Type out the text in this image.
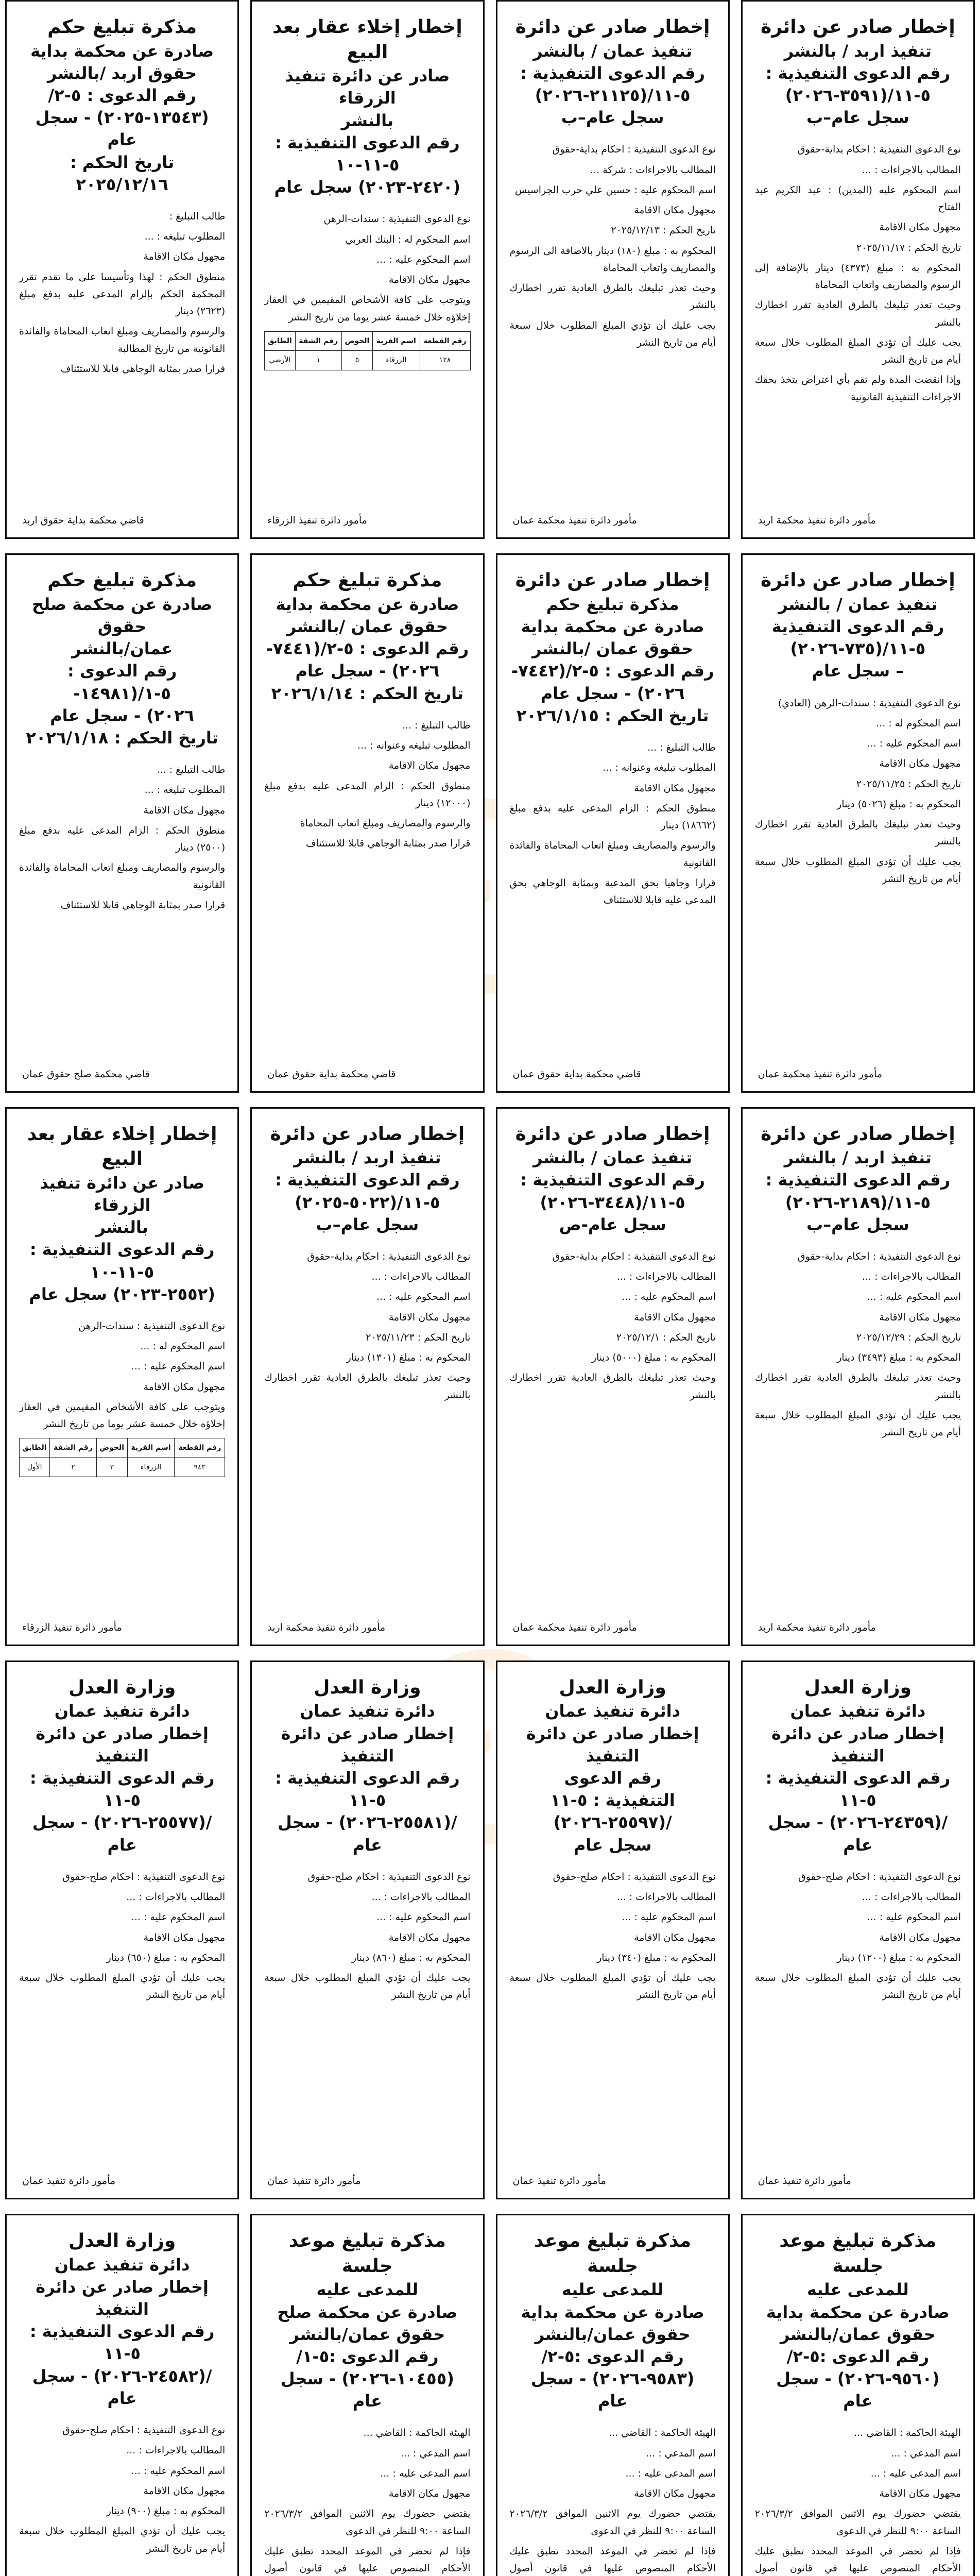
مدار الساعة
مدار الساعة
إخطار صادر عن دائرة
تنفيذ اربد / بالنشر
رقم الدعوى التنفيذية :
٥-١١/(٣٥٩١-٢٠٢٦)
سجل عام–ب

نوع الدعوى التنفيذية : احكام بداية-حقوق

المطالب بالاجراءات : ...

اسم المحكوم عليه (المدين) : عبد الكريم عبد الفتاح

مجهول مكان الاقامة

تاريخ الحكم : ٢٠٢٥/١١/١٧

المحكوم به : مبلغ (٤٣٧٣) دينار بالإضافة إلى الرسوم والمصاريف واتعاب المحاماة

وحيث تعذر تبليغك بالطرق العادية تقرر اخطارك بالنشر

يجب عليك أن تؤدي المبلغ المطلوب خلال سبعة أيام من تاريخ النشر

وإذا انقضت المدة ولم تقم بأي اعتراض يتخذ بحقك الاجراءات التنفيذية القانونية

مأمور دائرة تنفيذ محكمة اربد
إخطار صادر عن دائرة
تنفيذ عمان / بالنشر
رقم الدعوى التنفيذية :
٥-١١/(٢١١٢٥-٢٠٢٦)
سجل عام–ب

نوع الدعوى التنفيذية : احكام بداية-حقوق

المطالب بالاجراءات : شركة ...

اسم المحكوم عليه : حسين علي حرب الجراسيس

مجهول مكان الاقامة

تاريخ الحكم : ٢٠٢٥/١٢/١٣

المحكوم به : مبلغ (١٨٠) دينار بالاضافة الى الرسوم والمصاريف واتعاب المحاماة

وحيث تعذر تبليغك بالطرق العادية تقرر اخطارك بالنشر

يجب عليك أن تؤدي المبلغ المطلوب خلال سبعة أيام من تاريخ النشر

مأمور دائرة تنفيذ محكمة عمان
إخطار إخلاء عقار بعد البيع
صادر عن دائرة تنفيذ الزرقاء
بالنشر
رقم الدعوى التنفيذية : ٥-١١-١٠
(٢٤٢٠-٢٠٢٣) سجل عام

نوع الدعوى التنفيذية : سندات-الرهن

اسم المحكوم له : البنك العربي

اسم المحكوم عليه : ...

مجهول مكان الاقامة

ويتوجب على كافة الأشخاص المقيمين في العقار إخلاؤه خلال خمسة عشر يوما من تاريخ النشر

رقم القطعة	اسم القرية	الحوض	رقم الشقة	الطابق
١٢٨	الزرقاء	٥	١	الأرضي
مأمور دائرة تنفيذ الزرقاء
مذكرة تبليغ حكم
صادرة عن محكمة بداية
حقوق اربد /بالنشر
رقم الدعوى : ٥-٢/
(١٣٥٤٣-٢٠٢٥) - سجل
عام
تاريخ الحكم :
٢٠٢٥/١٢/١٦

طالب التبليغ :

المطلوب تبليغه : ...

مجهول مكان الاقامة

منطوق الحكم : لهذا وتأسيسا على ما تقدم تقرر المحكمة الحكم بإلزام المدعى عليه بدفع مبلغ (٢٦٢٣) دينار

والرسوم والمصاريف ومبلغ اتعاب المحاماة والفائدة القانونية من تاريخ المطالبة

قرارا صدر بمثابة الوجاهي قابلا للاستئناف

قاضي محكمة بداية حقوق اربد
إخطار صادر عن دائرة
تنفيذ عمان / بالنشر
رقم الدعوى التنفيذية
٥-١١/(٧٣٥-٢٠٢٦)
– سجل عام

نوع الدعوى التنفيذية : سندات-الرهن (العادي)

اسم المحكوم له : ...

اسم المحكوم عليه : ...

مجهول مكان الاقامة

تاريخ الحكم : ٢٠٢٥/١١/٢٥

المحكوم به : مبلغ (٥٠٢٦) دينار

وحيث تعذر تبليغك بالطرق العادية تقرر اخطارك بالنشر

يجب عليك أن تؤدي المبلغ المطلوب خلال سبعة أيام من تاريخ النشر

مأمور دائرة تنفيذ محكمة عمان
إخطار صادر عن دائرة
مذكرة تبليغ حكم
صادرة عن محكمة بداية
حقوق عمان /بالنشر
رقم الدعوى : ٥-٢/(٧٤٤٢-
٢٠٢٦) - سجل عام
تاريخ الحكم : ٢٠٢٦/١/١٥

طالب التبليغ : ...

المطلوب تبليغه وعنوانه : ...

مجهول مكان الاقامة

منطوق الحكم : الزام المدعى عليه بدفع مبلغ (١٨٦٦٢) دينار

والرسوم والمصاريف ومبلغ اتعاب المحاماة والفائدة القانونية

قرارا وجاهيا بحق المدعية وبمثابة الوجاهي بحق المدعى عليه قابلا للاستئناف

قاضي محكمة بداية حقوق عمان
مذكرة تبليغ حكم
صادرة عن محكمة بداية
حقوق عمان /بالنشر
رقم الدعوى : ٥-٢/(٧٤٤١-
٢٠٢٦) - سجل عام
تاريخ الحكم : ٢٠٢٦/١/١٤

طالب التبليغ : ...

المطلوب تبليغه وعنوانه : ...

مجهول مكان الاقامة

منطوق الحكم : الزام المدعى عليه بدفع مبلغ (١٢٠٠٠) دينار

والرسوم والمصاريف ومبلغ اتعاب المحاماة

قرارا صدر بمثابة الوجاهي قابلا للاستئناف

قاضي محكمة بداية حقوق عمان
مذكرة تبليغ حكم
صادرة عن محكمة صلح حقوق
عمان/بالنشر
رقم الدعوى : ٥-١/(١٤٩٨١-
٢٠٢٦) - سجل عام
تاريخ الحكم : ٢٠٢٦/١/١٨

طالب التبليغ : ...

المطلوب تبليغه : ...

مجهول مكان الاقامة

منطوق الحكم : الزام المدعى عليه بدفع مبلغ (٢٥٠٠) دينار

والرسوم والمصاريف ومبلغ اتعاب المحاماة والفائدة القانونية

قرارا صدر بمثابة الوجاهي قابلا للاستئناف

قاضي محكمة صلح حقوق عمان
إخطار صادر عن دائرة
تنفيذ اربد / بالنشر
رقم الدعوى التنفيذية :
٥-١١/(٢١٨٩-٢٠٢٦)
سجل عام–ب

نوع الدعوى التنفيذية : احكام بداية-حقوق

المطالب بالاجراءات : ...

اسم المحكوم عليه : ...

مجهول مكان الاقامة

تاريخ الحكم : ٢٠٢٥/١٢/٢٩

المحكوم به : مبلغ (٣٤٩٣) دينار

وحيث تعذر تبليغك بالطرق العادية تقرر اخطارك بالنشر

يجب عليك أن تؤدي المبلغ المطلوب خلال سبعة أيام من تاريخ النشر

مأمور دائرة تنفيذ محكمة اربد
إخطار صادر عن دائرة
تنفيذ عمان / بالنشر
رقم الدعوى التنفيذية :
٥-١١/(٣٤٤٨-٢٠٢٦)
سجل عام-ص

نوع الدعوى التنفيذية : احكام بداية-حقوق

المطالب بالاجراءات : ...

اسم المحكوم عليه : ...

مجهول مكان الاقامة

تاريخ الحكم : ٢٠٢٥/١٢/١

المحكوم به : مبلغ (٥٠٠٠) دينار

وحيث تعذر تبليغك بالطرق العادية تقرر اخطارك بالنشر

مأمور دائرة تنفيذ محكمة عمان
إخطار صادر عن دائرة
تنفيذ اربد / بالنشر
رقم الدعوى التنفيذية :
٥-١١/(٥٠٢٢-٢٠٢٥)
سجل عام–ب

نوع الدعوى التنفيذية : احكام بداية-حقوق

المطالب بالاجراءات : ...

اسم المحكوم عليه : ...

مجهول مكان الاقامة

تاريخ الحكم : ٢٠٢٥/١١/٢٣

المحكوم به : مبلغ (١٣٠١) دينار

وحيث تعذر تبليغك بالطرق العادية تقرر اخطارك بالنشر

مأمور دائرة تنفيذ محكمة اربد
إخطار إخلاء عقار بعد البيع
صادر عن دائرة تنفيذ الزرقاء
بالنشر
رقم الدعوى التنفيذية : ٥-١١-١٠
(٢٥٥٢-٢٠٢٣) سجل عام

نوع الدعوى التنفيذية : سندات-الرهن

اسم المحكوم له : ...

اسم المحكوم عليه : ...

مجهول مكان الاقامة

ويتوجب على كافة الأشخاص المقيمين في العقار إخلاؤه خلال خمسة عشر يوما من تاريخ النشر

رقم القطعة	اسم القرية	الحوض	رقم الشقة	الطابق
٩٤٣	الزرقاء	٣	٢	الأول
مأمور دائرة تنفيذ الزرقاء
وزارة العدل
دائرة تنفيذ عمان
إخطار صادر عن دائرة التنفيذ
رقم الدعوى التنفيذية : ٥-١١
/(٢٤٣٥٩-٢٠٢٦) - سجل
عام

نوع الدعوى التنفيذية : احكام صلح-حقوق

المطالب بالاجراءات : ...

اسم المحكوم عليه : ...

مجهول مكان الاقامة

المحكوم به : مبلغ (١٢٠٠) دينار

يجب عليك أن تؤدي المبلغ المطلوب خلال سبعة أيام من تاريخ النشر

مأمور دائرة تنفيذ عمان
وزارة العدل
دائرة تنفيذ عمان
إخطار صادر عن دائرة
التنفيذ
رقم الدعوى
التنفيذية : ٥-١١
/(٢٥٥٩٧-٢٠٢٦)
سجل عام

نوع الدعوى التنفيذية : احكام صلح-حقوق

المطالب بالاجراءات : ...

اسم المحكوم عليه : ...

مجهول مكان الاقامة

المحكوم به : مبلغ (٣٤٠) دينار

يجب عليك أن تؤدي المبلغ المطلوب خلال سبعة أيام من تاريخ النشر

مأمور دائرة تنفيذ عمان
وزارة العدل
دائرة تنفيذ عمان
إخطار صادر عن دائرة التنفيذ
رقم الدعوى التنفيذية : ٥-١١
/(٢٥٥٨١-٢٠٢٦) - سجل
عام

نوع الدعوى التنفيذية : احكام صلح-حقوق

المطالب بالاجراءات : ...

اسم المحكوم عليه : ...

مجهول مكان الاقامة

المحكوم به : مبلغ (٨٦٠) دينار

يجب عليك أن تؤدي المبلغ المطلوب خلال سبعة أيام من تاريخ النشر

مأمور دائرة تنفيذ عمان
وزارة العدل
دائرة تنفيذ عمان
إخطار صادر عن دائرة التنفيذ
رقم الدعوى التنفيذية : ٥-١١
/(٢٥٥٧٧-٢٠٢٦) - سجل
عام

نوع الدعوى التنفيذية : احكام صلح-حقوق

المطالب بالاجراءات : ...

اسم المحكوم عليه : ...

مجهول مكان الاقامة

المحكوم به : مبلغ (٦٥٠) دينار

يجب عليك أن تؤدي المبلغ المطلوب خلال سبعة أيام من تاريخ النشر

مأمور دائرة تنفيذ عمان
مذكرة تبليغ موعد جلسة
للمدعى عليه
صادرة عن محكمة بداية
حقوق عمان/بالنشر
رقم الدعوى :٥-٢/
(٩٥٦٠-٢٠٢٦) - سجل
عام

الهيئة الحاكمة : القاضي ...

اسم المدعي : ...

اسم المدعى عليه : ...

مجهول مكان الاقامة

يقتضي حضورك يوم الاثنين الموافق ٢٠٢٦/٣/٢ الساعة ٩:٠٠ للنظر في الدعوى

فإذا لم تحضر في الموعد المحدد تطبق عليك الأحكام المنصوص عليها في قانون أصول

مذكرة تبليغ موعد جلسة
للمدعى عليه
صادرة عن محكمة بداية
حقوق عمان/بالنشر
رقم الدعوى :٥-٢/
(٩٥٨٣-٢٠٢٦) - سجل
عام

الهيئة الحاكمة : القاضي ...

اسم المدعي : ...

اسم المدعى عليه : ...

مجهول مكان الاقامة

يقتضي حضورك يوم الاثنين الموافق ٢٠٢٦/٣/٢ الساعة ٩:٠٠ للنظر في الدعوى

فإذا لم تحضر في الموعد المحدد تطبق عليك الأحكام المنصوص عليها في قانون أصول

مذكرة تبليغ موعد جلسة
للمدعى عليه
صادرة عن محكمة صلح
حقوق عمان/بالنشر
رقم الدعوى :٥-١/
(١٠٤٥٥-٢٠٢٦) - سجل
عام

الهيئة الحاكمة : القاضي ...

اسم المدعي : ...

اسم المدعى عليه : ...

مجهول مكان الاقامة

يقتضي حضورك يوم الاثنين الموافق ٢٠٢٦/٣/٢ الساعة ٩:٠٠ للنظر في الدعوى

فإذا لم تحضر في الموعد المحدد تطبق عليك الأحكام المنصوص عليها في قانون أصول

وزارة العدل
دائرة تنفيذ عمان
إخطار صادر عن دائرة التنفيذ
رقم الدعوى التنفيذية : ٥-١١
/(٢٤٥٨٢-٢٠٢٦) - سجل
عام

نوع الدعوى التنفيذية : احكام صلح-حقوق

المطالب بالاجراءات : ...

اسم المحكوم عليه : ...

مجهول مكان الاقامة

المحكوم به : مبلغ (٩٠٠) دينار

يجب عليك أن تؤدي المبلغ المطلوب خلال سبعة أيام من تاريخ النشر
